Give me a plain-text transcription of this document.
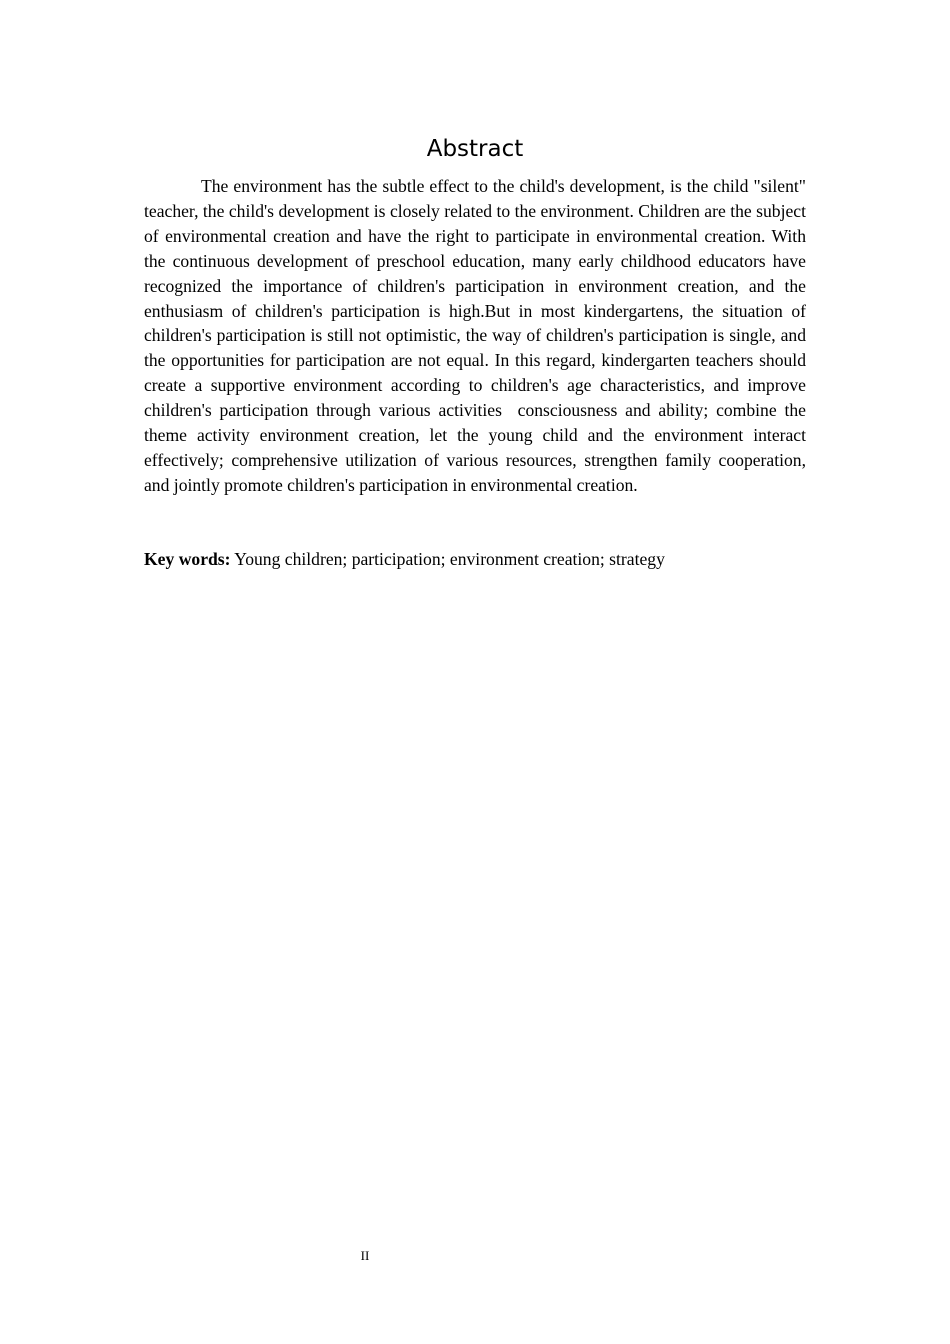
Abstract

The environment has the subtle effect to the child's development, is the child "silent" teacher, the child's development is closely related to the environment. Children are the subject of environmental creation and have the right to participate in environmental creation. With the continuous development of preschool education, many early childhood educators have recognized the importance of children's participation in environment creation, and the enthusiasm of children's participation is high.But in most kindergartens, the situation of children's participation is still not optimistic, the way of children's participation is single, and the opportunities for participation are not equal. In this regard, kindergarten teachers should create a supportive environment according to children's age characteristics, and improve children's participation through various activities  consciousness and ability; combine the theme activity environment creation, let the young child and the environment interact effectively; comprehensive utilization of various resources, strengthen family cooperation, and jointly promote children's participation in environmental creation.

Key words: Young children; participation; environment creation; strategy

II
